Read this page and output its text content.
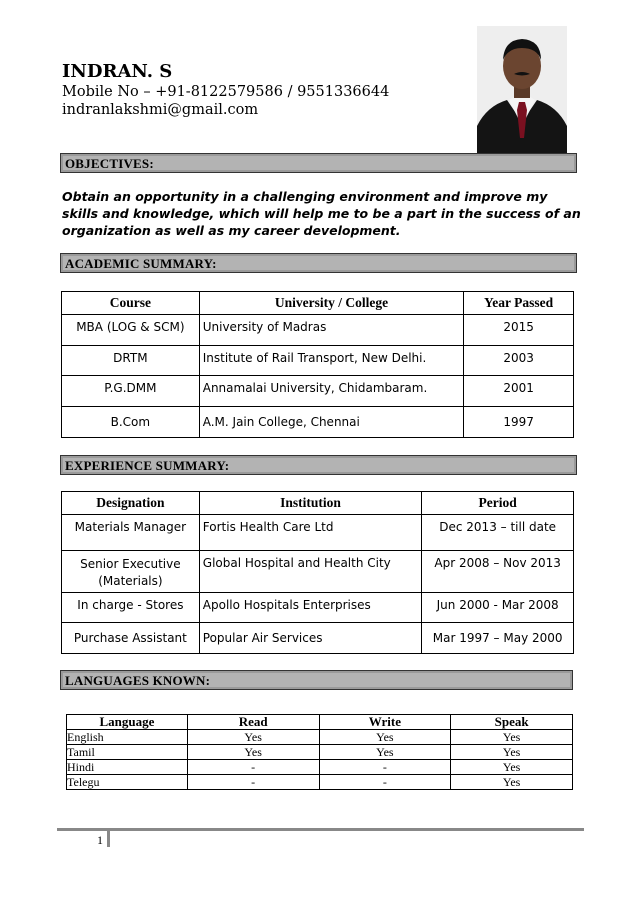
INDRAN. S
Mobile No – +91-8122579586 / 9551336644
indranlakshmi@gmail.com
OBJECTIVES:
Obtain an opportunity in a challenging environment and improve my skills and knowledge, which will help me to be a part in the success of an organization as well as my career development.
ACADEMIC SUMMARY:
Course	University / College	Year Passed
MBA (LOG & SCM)	University of Madras	2015
DRTM	Institute of Rail Transport, New Delhi.	2003
P.G.DMM	Annamalai University, Chidambaram.	2001
B.Com	A.M. Jain College, Chennai	1997
EXPERIENCE SUMMARY:
Designation	Institution	Period
Materials Manager	Fortis Health Care Ltd	Dec 2013 – till date
Senior Executive (Materials)	Global Hospital and Health City	Apr 2008 – Nov 2013
In charge - Stores	Apollo Hospitals Enterprises	Jun 2000 - Mar 2008
Purchase Assistant	Popular Air Services	Mar 1997 – May 2000
LANGUAGES KNOWN:
Language	Read	Write	Speak
English	Yes	Yes	Yes
Tamil	Yes	Yes	Yes
Hindi	-	-	Yes
Telegu	-	-	Yes
1
